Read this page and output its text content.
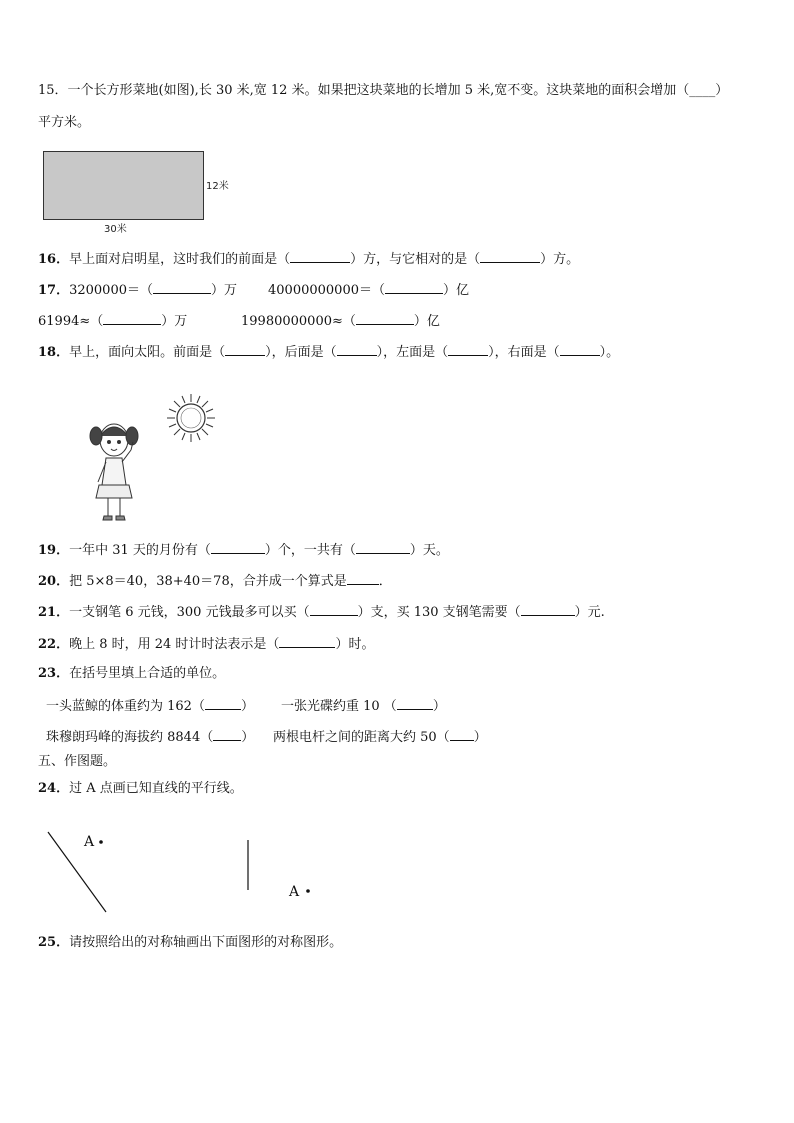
15．一个长方形菜地(如图),长 30 米,宽 12 米。如果把这块菜地的长增加 5 米,宽不变。这块菜地的面积会增加（____）
平方米。
12米
30米
16．早上面对启明星，这时我们的前面是（	）方，与它相对的是（	）方。
17．3200000＝（	）万 40000000000＝（	）亿
61994≈（	）万	19980000000≈（	）亿
18．早上，面向太阳。前面是（	），后面是（	），左面是（	），右面是（	）。
19．一年中 31 天的月份有（	）个，一共有（	）天。
20．把 5×8＝40，38+40＝78，合并成一个算式是 ．
21．一支钢笔 6 元钱，300 元钱最多可以买（	）支，买 130 支钢笔需要（	）元.
22．晚上 8 时，用 24 时计时法表示是（	）时。
23．在括号里填上合适的单位。
一头蓝鲸的体重约为 162（	） 一张光碟约重 10 （	）
珠穆朗玛峰的海拔约 8844（ ） 两根电杆之间的距离大约 50（ ）
五、作图题。
24．过 A 点画已知直线的平行线。
A
A
25．请按照给出的对称轴画出下面图形的对称图形。
